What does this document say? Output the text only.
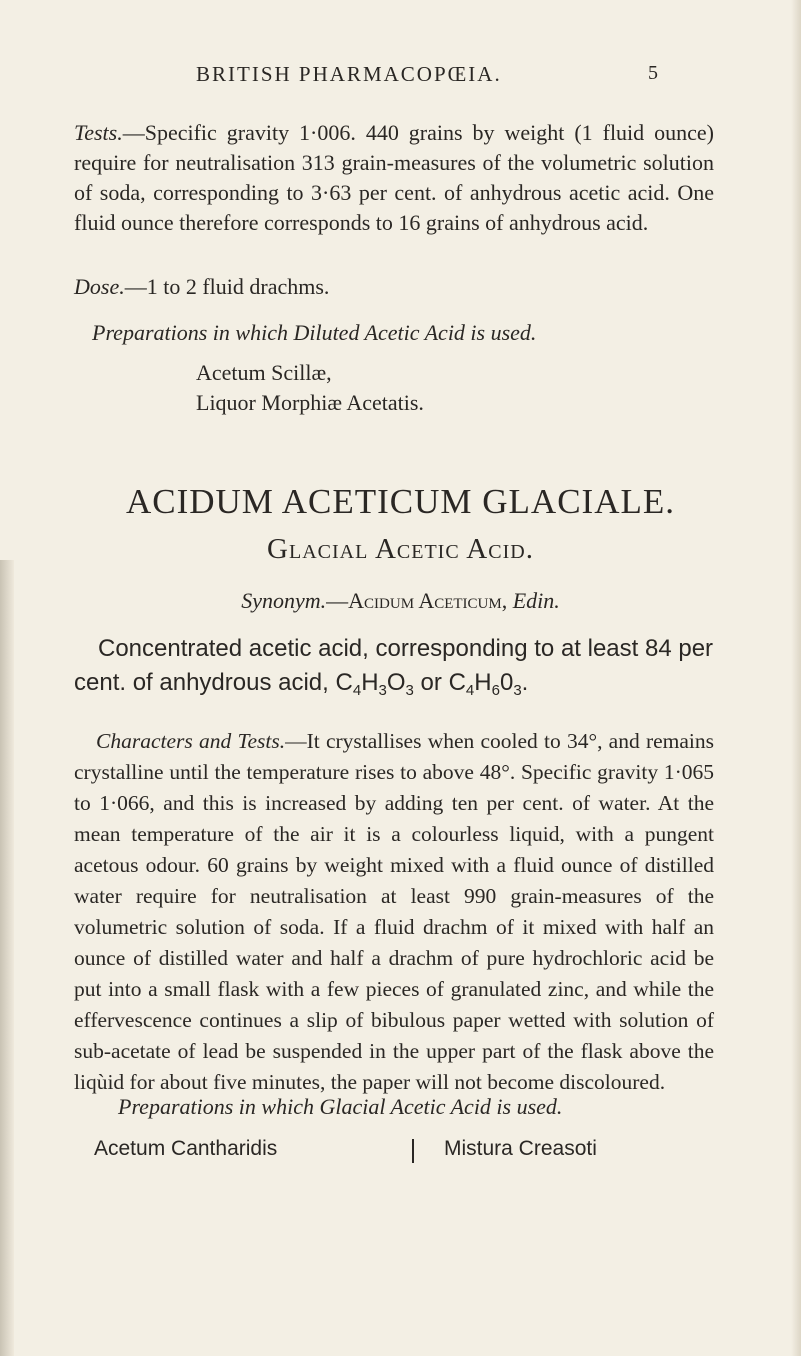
BRITISH PHARMACOPŒIA.	5

Tests.—Specific gravity 1·006. 440 grains by weight (1 fluid ounce) require for neutralisation 313 grain-measures of the volumetric solution of soda, corresponding to 3·63 per cent. of anhydrous acetic acid. One fluid ounce therefore corresponds to 16 grains of anhydrous acid.

Dose.—1 to 2 fluid drachms.
Preparations in which Diluted Acetic Acid is used.
Acetum Scillæ,
Liquor Morphiæ Acetatis.
ACIDUM ACETICUM GLACIALE.
Glacial Acetic Acid.
Synonym.—Acidum Aceticum, Edin.
Concentrated acetic acid, corresponding to at least 84 per cent. of anhydrous acid, $C_4H_3O_3$ or $C_4H_60_3$.

Characters and Tests.—It crystallises when cooled to 34°, and remains crystalline until the temperature rises to above 48°. Specific gravity 1·065 to 1·066, and this is increased by adding ten per cent. of water. At the mean temperature of the air it is a colourless liquid, with a pungent acetous odour. 60 grains by weight mixed with a fluid ounce of distilled water require for neutralisation at least 990 grain-measures of the volumetric solution of soda. If a fluid drachm of it mixed with half an ounce of distilled water and half a drachm of pure hydrochloric acid be put into a small flask with a few pieces of granulated zinc, and while the effervescence continues a slip of bibulous paper wetted with solution of sub-acetate of lead be suspended in the upper part of the flask above the liqùid for about five minutes, the paper will not become discoloured.

Preparations in which Glacial Acetic Acid is used.
Acetum Cantharidis	Mistura Creasoti
